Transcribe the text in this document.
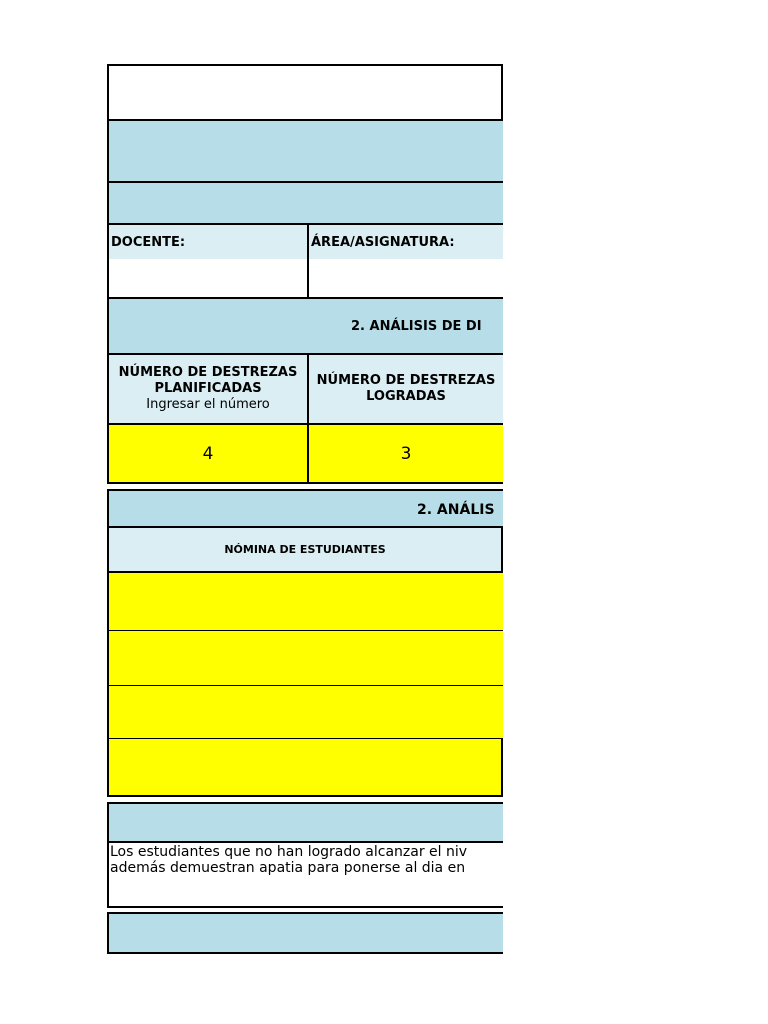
DOCENTE:	ÁREA/ASIGNATURA:
2. ANÁLISIS DE DI
NÚMERO DE DESTREZAS PLANIFICADAS
Ingresar el número
NÚMERO DE DESTREZAS LOGRADAS
4	3
2. ANÁLIS
NÓMINA DE ESTUDIANTES
Los estudiantes que no han logrado alcanzar el niv
además demuestran apatia para ponerse al dia en
